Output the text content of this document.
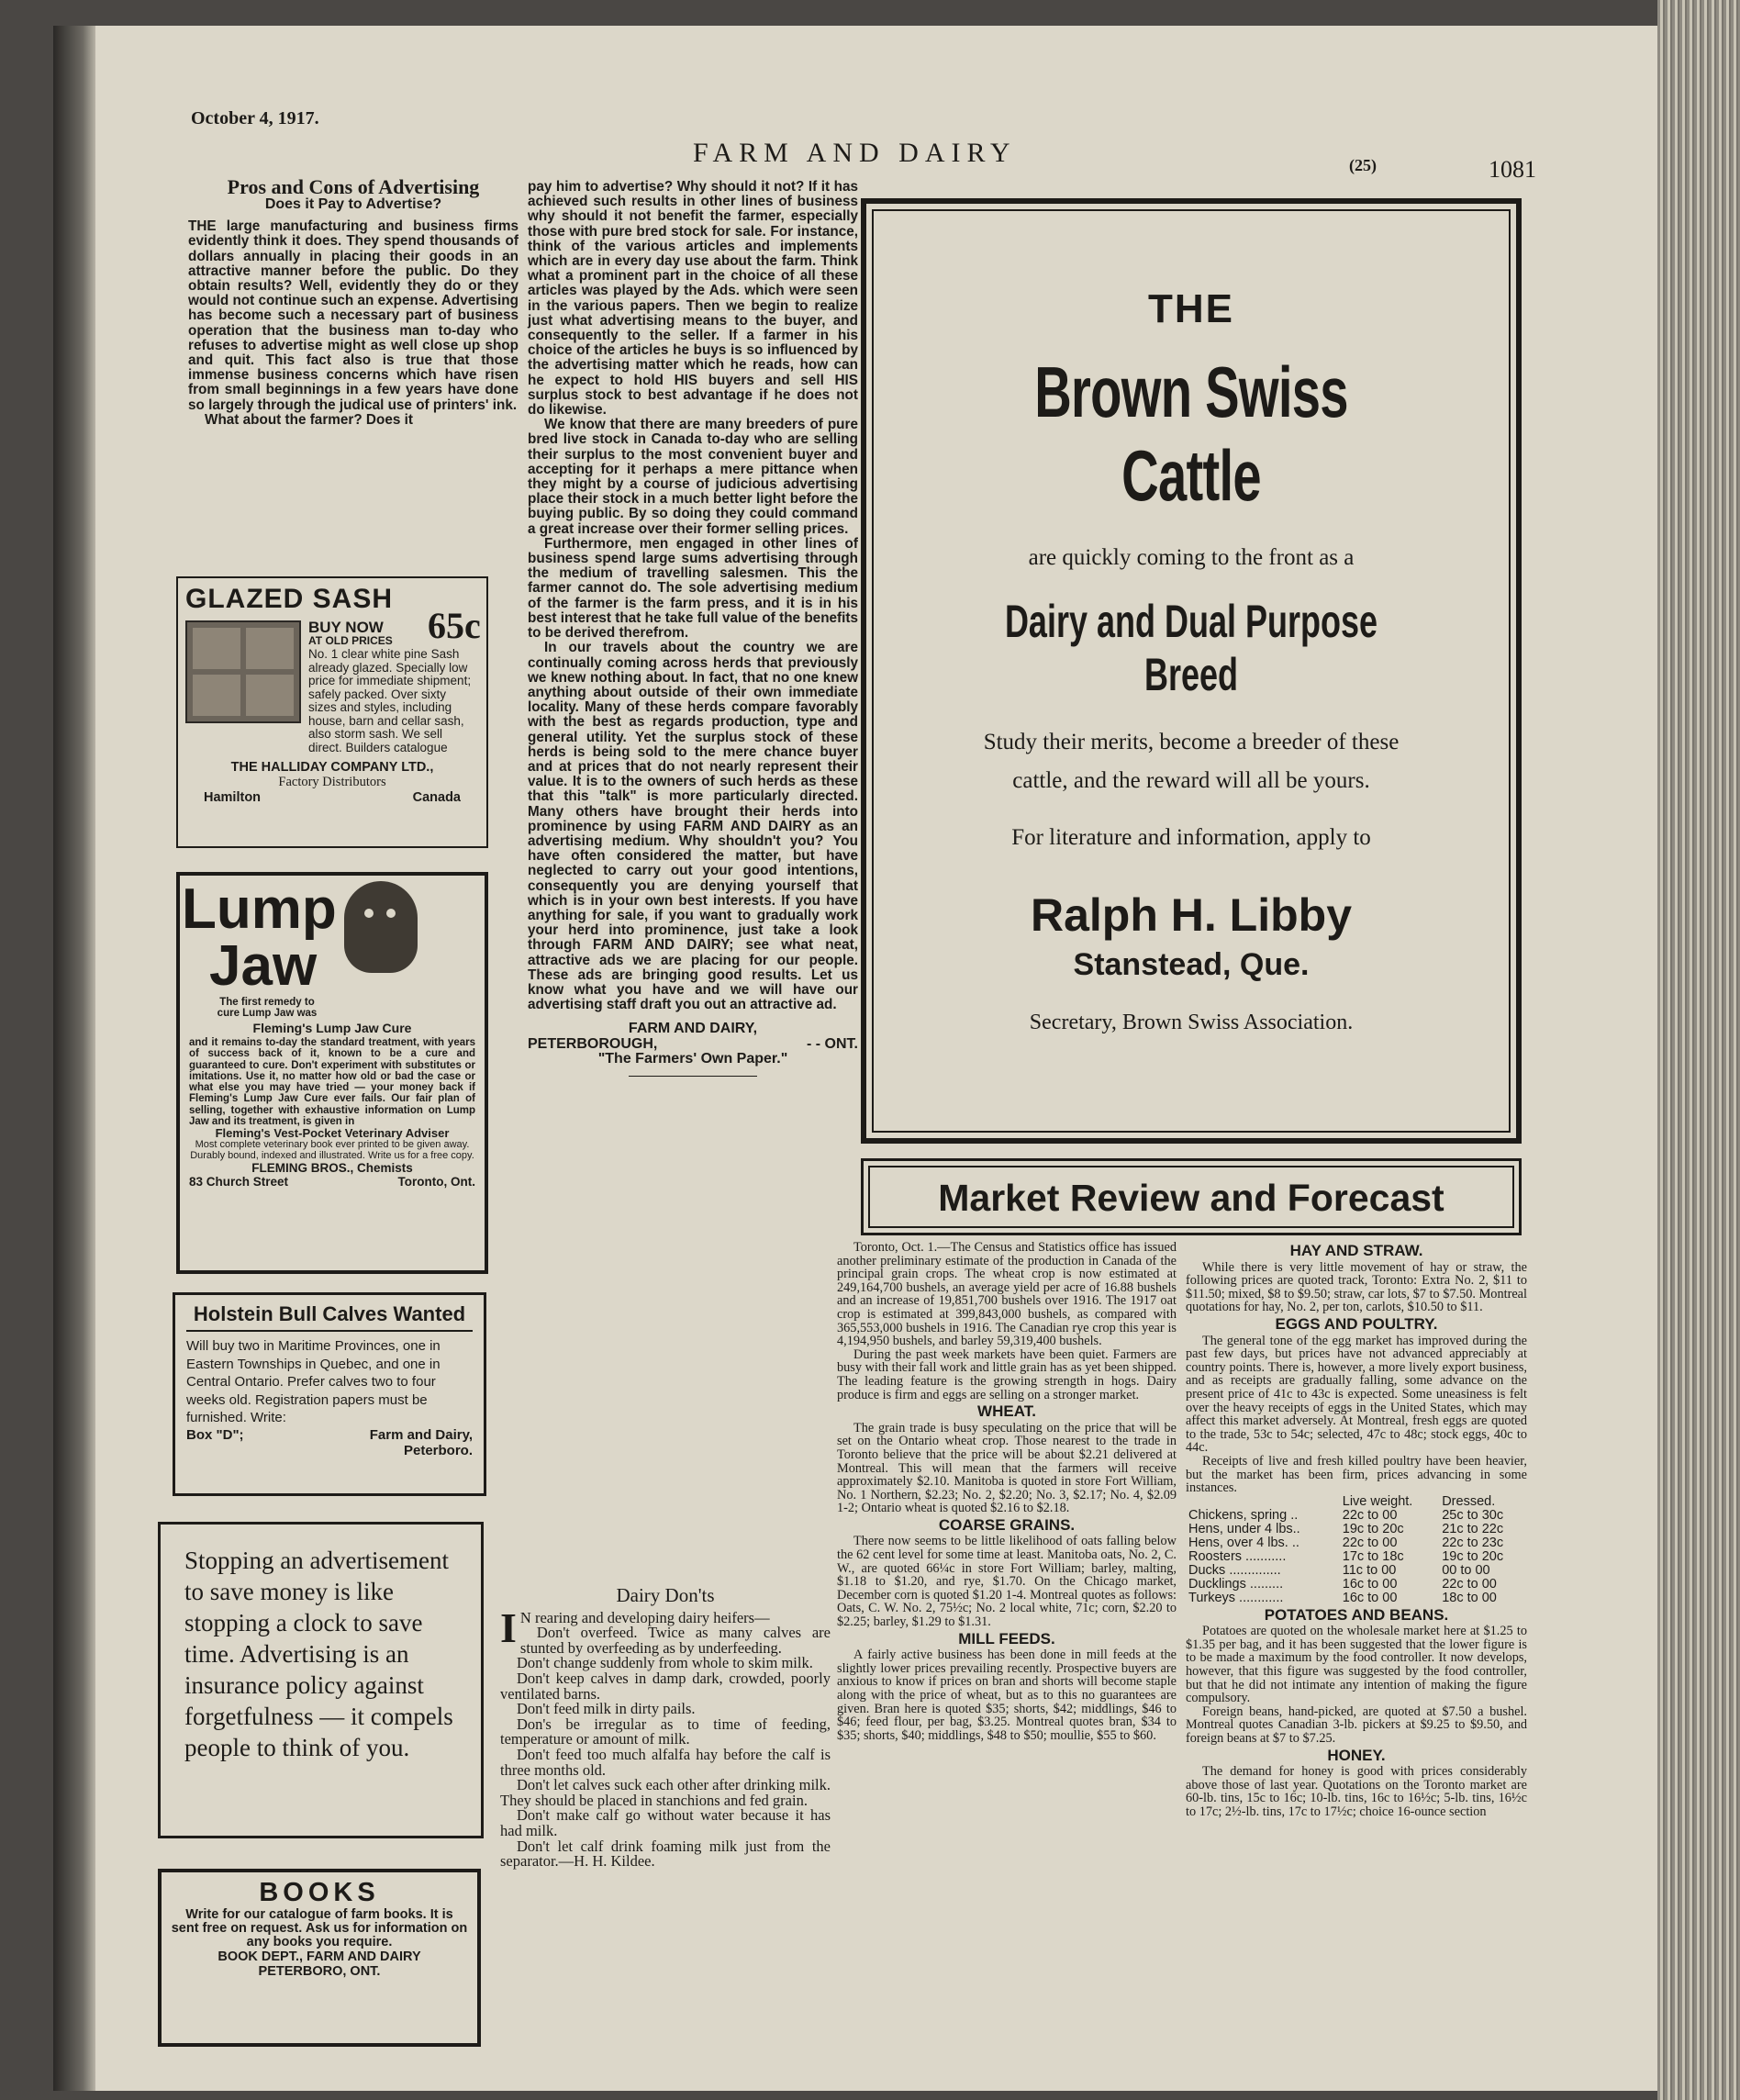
October 4, 1917.
FARM AND DAIRY	(25)	1081
Pros and Cons of Advertising
Does it Pay to Advertise?

THE large manufacturing and business firms evidently think it does. They spend thousands of dollars annually in placing their goods in an attractive manner before the public. Do they obtain results? Well, evidently they do or they would not continue such an expense. Advertising has become such a necessary part of business operation that the business man to-day who refuses to advertise might as well close up shop and quit. This fact also is true that those immense business concerns which have risen from small beginnings in a few years have done so largely through the judical use of printers' ink.

What about the farmer? Does it

pay him to advertise? Why should it not? If it has achieved such results in other lines of business why should it not benefit the farmer, especially those with pure bred stock for sale. For instance, think of the various articles and implements which are in every day use about the farm. Think what a prominent part in the choice of all these articles was played by the Ads. which were seen in the various papers. Then we begin to realize just what advertising means to the buyer, and consequently to the seller. If a farmer in his choice of the articles he buys is so influenced by the advertising matter which he reads, how can he expect to hold HIS buyers and sell HIS surplus stock to best advantage if he does not do likewise.

We know that there are many breeders of pure bred live stock in Canada to-day who are selling their surplus to the most convenient buyer and accepting for it perhaps a mere pittance when they might by a course of judicious advertising place their stock in a much better light before the buying public. By so doing they could command a great increase over their former selling prices.

Furthermore, men engaged in other lines of business spend large sums advertising through the medium of travelling salesmen. This the farmer cannot do. The sole advertising medium of the farmer is the farm press, and it is in his best interest that he take full value of the benefits to be derived therefrom.

In our travels about the country we are continually coming across herds that previously we knew nothing about. In fact, that no one knew anything about outside of their own immediate locality. Many of these herds compare favorably with the best as regards production, type and general utility. Yet the surplus stock of these herds is being sold to the mere chance buyer and at prices that do not nearly represent their value. It is to the owners of such herds as these that this "talk" is more particularly directed. Many others have brought their herds into prominence by using FARM AND DAIRY as an advertising medium. Why shouldn't you? You have often considered the matter, but have neglected to carry out your good intentions, consequently you are denying yourself that which is in your own best interests. If you have anything for sale, if you want to gradually work your herd into prominence, just take a look through FARM AND DAIRY; see what neat, attractive ads we are placing for our people. These ads are bringing good results. Let us know what you have and we will have our advertising staff draft you out an attractive ad.

FARM AND DAIRY,
PETERBOROUGH,	- - ONT.
"The Farmers' Own Paper."
Dairy Don'ts
I N rearing and developing dairy heifers—

Don't overfeed. Twice as many calves are stunted by overfeeding as by underfeeding.

Don't change suddenly from whole to skim milk.

Don't keep calves in damp dark, crowded, poorly ventilated barns.

Don't feed milk in dirty pails.

Don's be irregular as to time of feeding, temperature or amount of milk.

Don't feed too much alfalfa hay before the calf is three months old.

Don't let calves suck each other after drinking milk. They should be placed in stanchions and fed grain.

Don't make calf go without water because it has had milk.

Don't let calf drink foaming milk just from the separator.—H. H. Kildee.

GLAZED SASH
65c
BUY NOW
AT OLD PRICES
No. 1 clear white pine Sash already glazed. Specially low price for immediate shipment; safely packed. Over sixty sizes and styles, including house, barn and cellar sash, also storm sash. We sell direct. Builders catalogue
THE HALLIDAY COMPANY LTD.,
Factory Distributors
Hamilton	Canada
Lump
Jaw
The first remedy to cure Lump Jaw was
Fleming's Lump Jaw Cure
and it remains to-day the standard treatment, with years of success back of it, known to be a cure and guaranteed to cure. Don't experiment with substitutes or imitations. Use it, no matter how old or bad the case or what else you may have tried — your money back if Fleming's Lump Jaw Cure ever fails. Our fair plan of selling, together with exhaustive information on Lump Jaw and its treatment, is given in
Fleming's Vest-Pocket Veterinary Adviser
Most complete veterinary book ever printed to be given away. Durably bound, indexed and illustrated. Write us for a free copy.
FLEMING BROS., Chemists
83 Church Street	Toronto, Ont.
Holstein Bull Calves Wanted
Will buy two in Maritime Provinces, one in Eastern Townships in Quebec, and one in Central Ontario. Prefer calves two to four weeks old. Registration papers must be furnished. Write:
Box "D";	Farm and Dairy,
Peterboro.
Stopping an advertisement to save money is like stopping a clock to save time. Advertising is an insurance policy against forgetfulness — it compels people to think of you.
BOOKS
Write for our catalogue of farm books. It is sent free on request. Ask us for information on any books you require.
BOOK DEPT., FARM AND DAIRY
PETERBORO, ONT.
THE
Brown Swiss Cattle
are quickly coming to the front as a
Dairy and Dual Purpose Breed
Study their merits, become a breeder of these cattle, and the reward will all be yours.
For literature and information, apply to
Ralph H. Libby
Stanstead, Que.
Secretary, Brown Swiss Association.
Market Review and Forecast

Toronto, Oct. 1.—The Census and Statistics office has issued another preliminary estimate of the production in Canada of the principal grain crops. The wheat crop is now estimated at 249,164,700 bushels, an average yield per acre of 16.88 bushels and an increase of 19,851,700 bushels over 1916. The 1917 oat crop is estimated at 399,843,000 bushels, as compared with 365,553,000 bushels in 1916. The Canadian rye crop this year is 4,194,950 bushels, and barley 59,319,400 bushels.

During the past week markets have been quiet. Farmers are busy with their fall work and little grain has as yet been shipped. The leading feature is the growing strength in hogs. Dairy produce is firm and eggs are selling on a stronger market.

WHEAT.

The grain trade is busy speculating on the price that will be set on the Ontario wheat crop. Those nearest to the trade in Toronto believe that the price will be about $2.21 delivered at Montreal. This will mean that the farmers will receive approximately $2.10. Manitoba is quoted in store Fort William, No. 1 Northern, $2.23; No. 2, $2.20; No. 3, $2.17; No. 4, $2.09 1-2; Ontario wheat is quoted $2.16 to $2.18.

COARSE GRAINS.

There now seems to be little likelihood of oats falling below the 62 cent level for some time at least. Manitoba oats, No. 2, C. W., are quoted 66¼c in store Fort William; barley, malting, $1.18 to $1.20, and rye, $1.70. On the Chicago market, December corn is quoted $1.20 1-4. Montreal quotes as follows: Oats, C. W. No. 2, 75½c; No. 2 local white, 71c; corn, $2.20 to $2.25; barley, $1.29 to $1.31.

MILL FEEDS.

A fairly active business has been done in mill feeds at the slightly lower prices prevailing recently. Prospective buyers are anxious to know if prices on bran and shorts will become staple along with the price of wheat, but as to this no guarantees are given. Bran here is quoted $35; shorts, $42; middlings, $46 to $46; feed flour, per bag, $3.25. Montreal quotes bran, $34 to $35; shorts, $40; middlings, $48 to $50; moullie, $55 to $60.

HAY AND STRAW.

While there is very little movement of hay or straw, the following prices are quoted track, Toronto: Extra No. 2, $11 to $11.50; mixed, $8 to $9.50; straw, car lots, $7 to $7.50. Montreal quotations for hay, No. 2, per ton, carlots, $10.50 to $11.

EGGS AND POULTRY.

The general tone of the egg market has improved during the past few days, but prices have not advanced appreciably at country points. There is, however, a more lively export business, and as receipts are gradually falling, some advance on the present price of 41c to 43c is expected. Some uneasiness is felt over the heavy receipts of eggs in the United States, which may affect this market adversely. At Montreal, fresh eggs are quoted to the trade, 53c to 54c; selected, 47c to 48c; stock eggs, 40c to 44c.

Receipts of live and fresh killed poultry have been heavier, but the market has been firm, prices advancing in some instances.

	Live weight.	Dressed.
Chickens, spring ..	22c to 00	25c to 30c
Hens, under 4 lbs..	19c to 20c	21c to 22c
Hens, over 4 lbs. ..	22c to 00	22c to 23c
Roosters ...........	17c to 18c	19c to 20c
Ducks ..............	11c to 00	00 to 00
Ducklings .........	16c to 00	22c to 00
Turkeys ............	16c to 00	18c to 00
POTATOES AND BEANS.

Potatoes are quoted on the wholesale market here at $1.25 to $1.35 per bag, and it has been suggested that the lower figure is to be made a maximum by the food controller. It now develops, however, that this figure was suggested by the food controller, but that he did not intimate any intention of making the figure compulsory.

Foreign beans, hand-picked, are quoted at $7.50 a bushel. Montreal quotes Canadian 3-lb. pickers at $9.25 to $9.50, and foreign beans at $7 to $7.25.

HONEY.

The demand for honey is good with prices considerably above those of last year. Quotations on the Toronto market are 60-lb. tins, 15c to 16c; 10-lb. tins, 16c to 16½c; 5-lb. tins, 16½c to 17c; 2½-lb. tins, 17c to 17½c; choice 16-ounce section
